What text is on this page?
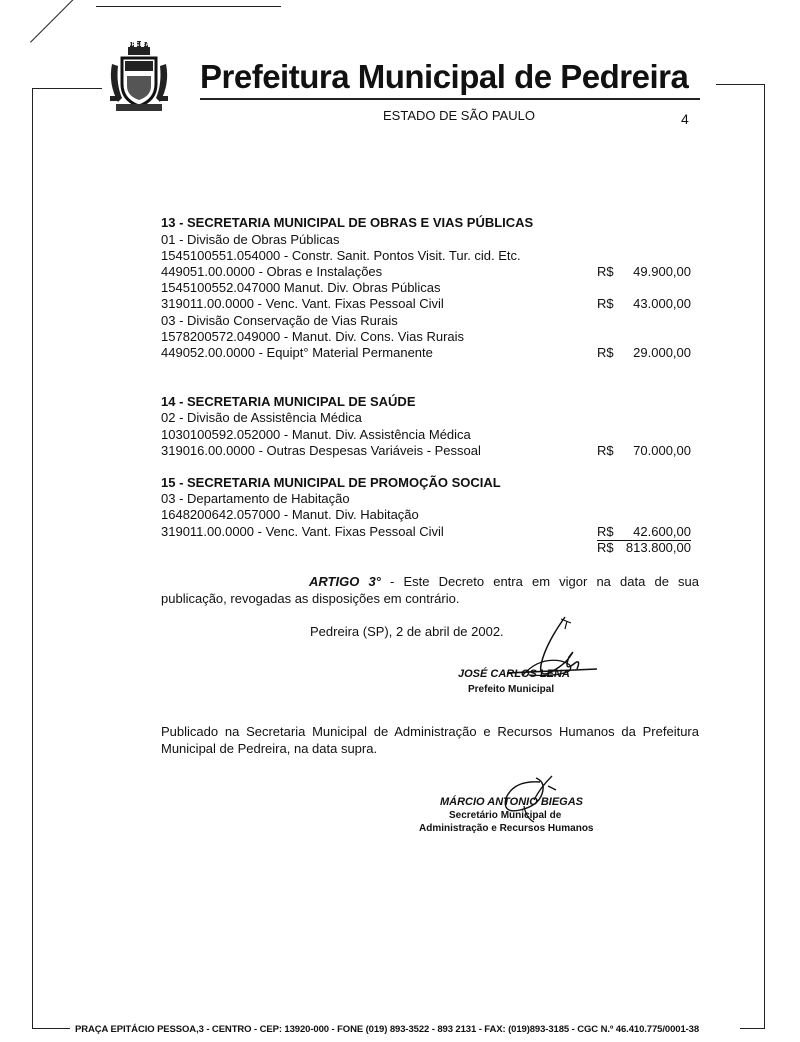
PEDREIRA
Prefeitura Municipal de Pedreira
ESTADO DE SÃO PAULO	4
13 - SECRETARIA MUNICIPAL DE OBRAS E VIAS PÚBLICAS
01 - Divisão de Obras Públicas
1545100551.054000 - Constr. Sanit. Pontos Visit. Tur. cid. Etc.
449051.00.0000 - Obras e Instalações	R$ 49.900,00
1545100552.047000 Manut. Div. Obras Públicas
319011.00.0000 - Venc. Vant. Fixas Pessoal Civil	R$ 43.000,00
03 - Divisão Conservação de Vias Rurais
1578200572.049000 - Manut. Div. Cons. Vias Rurais
449052.00.0000 - Equipt° Material Permanente	R$ 29.000,00
14 - SECRETARIA MUNICIPAL DE SAÚDE
02 - Divisão de Assistência Médica
1030100592.052000 - Manut. Div. Assistência Médica
319016.00.0000 - Outras Despesas Variáveis - Pessoal	R$ 70.000,00
15 - SECRETARIA MUNICIPAL DE PROMOÇÃO SOCIAL
03 - Departamento de Habitação
1648200642.057000 - Manut. Div. Habitação
319011.00.0000 - Venc. Vant. Fixas Pessoal Civil	R$ 42.600,00
R$ 813.800,00
ARTIGO 3° - Este Decreto entra em vigor na data de sua
publicação, revogadas as disposições em contrário.
Pedreira (SP), 2 de abril de 2002.
JOSÉ CARLOS LENA
Prefeito Municipal
Publicado na Secretaria Municipal de Administração e Recursos Humanos da Prefeitura Municipal de Pedreira, na data supra.
MÁRCIO ANTONIO BIEGAS
Secretário Municipal de
Administração e Recursos Humanos
PRAÇA EPITÁCIO PESSOA,3 - CENTRO - CEP: 13920-000 - FONE (019) 893-3522 - 893 2131 - FAX: (019)893-3185 - CGC N.º 46.410.775/0001-38
